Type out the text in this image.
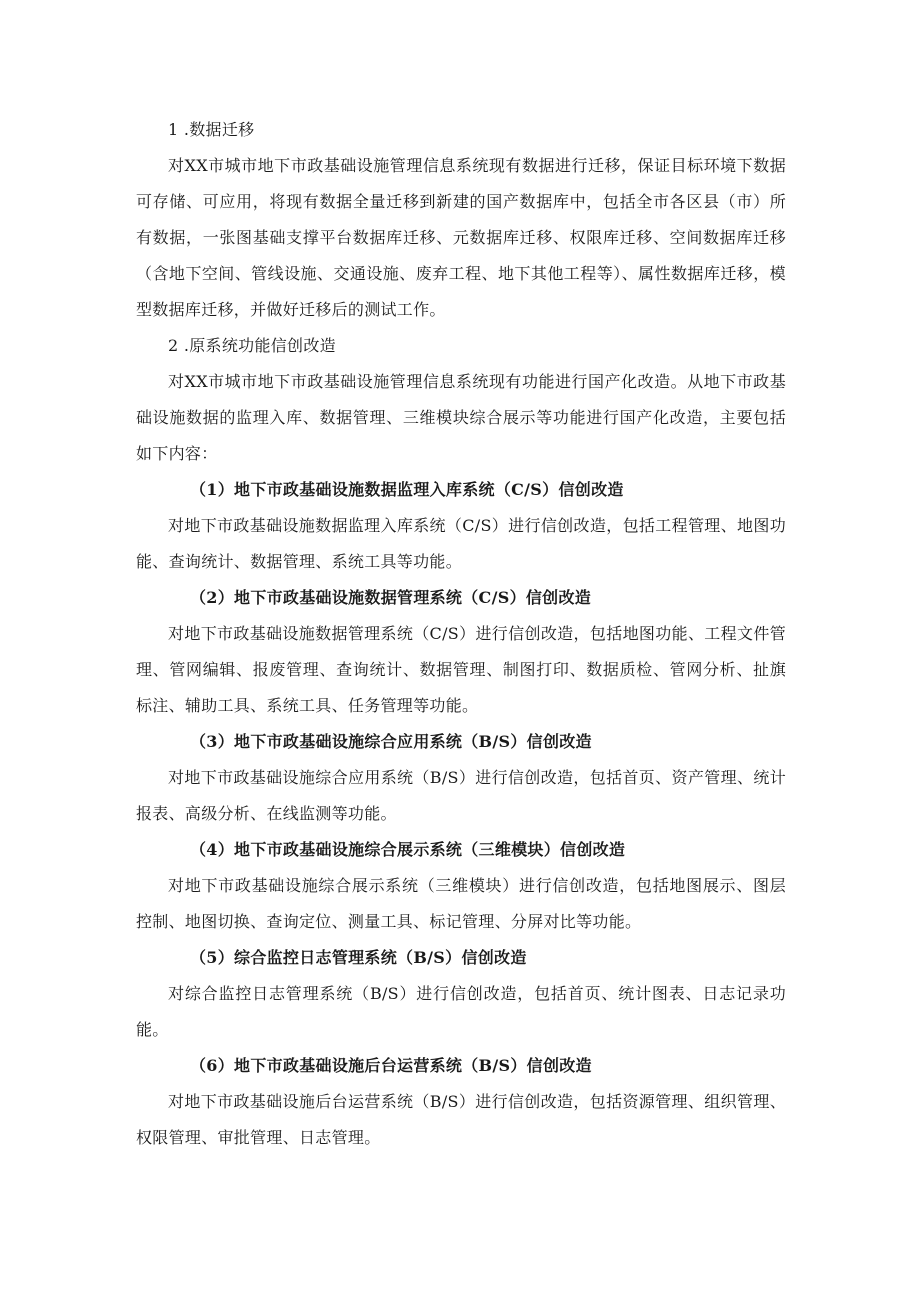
1 .数据迁移

对XX市城市地下市政基础设施管理信息系统现有数据进行迁移，保证目标环境下数据可存储、可应用，将现有数据全量迁移到新建的国产数据库中，包括全市各区县（市）所有数据，一张图基础支撑平台数据库迁移、元数据库迁移、权限库迁移、空间数据库迁移（含地下空间、管线设施、交通设施、废弃工程、地下其他工程等）、属性数据库迁移，模型数据库迁移，并做好迁移后的测试工作。

2 .原系统功能信创改造

对XX市城市地下市政基础设施管理信息系统现有功能进行国产化改造。从地下市政基础设施数据的监理入库、数据管理、三维模块综合展示等功能进行国产化改造，主要包括如下内容：

（1）地下市政基础设施数据监理入库系统（C/S）信创改造

对地下市政基础设施数据监理入库系统（C/S）进行信创改造，包括工程管理、地图功能、查询统计、数据管理、系统工具等功能。

（2）地下市政基础设施数据管理系统（C/S）信创改造

对地下市政基础设施数据管理系统（C/S）进行信创改造，包括地图功能、工程文件管理、管网编辑、报废管理、查询统计、数据管理、制图打印、数据质检、管网分析、扯旗标注、辅助工具、系统工具、任务管理等功能。

（3）地下市政基础设施综合应用系统（B/S）信创改造

对地下市政基础设施综合应用系统（B/S）进行信创改造，包括首页、资产管理、统计报表、高级分析、在线监测等功能。

（4）地下市政基础设施综合展示系统（三维模块）信创改造

对地下市政基础设施综合展示系统（三维模块）进行信创改造，包括地图展示、图层控制、地图切换、查询定位、测量工具、标记管理、分屏对比等功能。

（5）综合监控日志管理系统（B/S）信创改造

对综合监控日志管理系统（B/S）进行信创改造，包括首页、统计图表、日志记录功能。

（6）地下市政基础设施后台运营系统（B/S）信创改造

对地下市政基础设施后台运营系统（B/S）进行信创改造，包括资源管理、组织管理、权限管理、审批管理、日志管理。
